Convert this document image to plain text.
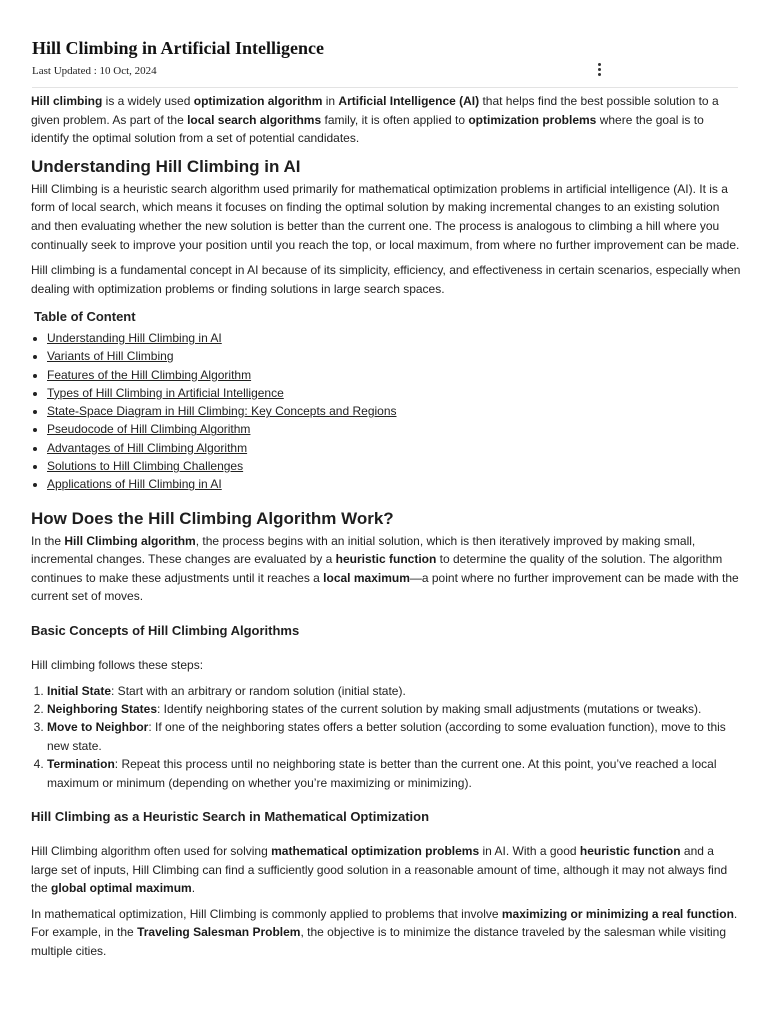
Hill Climbing in Artificial Intelligence
Last Updated : 10 Oct, 2024

Hill climbing is a widely used optimization algorithm in Artificial Intelligence (AI) that helps find the best possible solution to a given problem. As part of the local search algorithms family, it is often applied to optimization problems where the goal is to identify the optimal solution from a set of potential candidates.

Understanding Hill Climbing in AI

Hill Climbing is a heuristic search algorithm used primarily for mathematical optimization problems in artificial intelligence (AI). It is a form of local search, which means it focuses on finding the optimal solution by making incremental changes to an existing solution and then evaluating whether the new solution is better than the current one. The process is analogous to climbing a hill where you continually seek to improve your position until you reach the top, or local maximum, from where no further improvement can be made.

Hill climbing is a fundamental concept in AI because of its simplicity, efficiency, and effectiveness in certain scenarios, especially when dealing with optimization problems or finding solutions in large search spaces.

Table of Content
• Understanding Hill Climbing in AI
• Variants of Hill Climbing
• Features of the Hill Climbing Algorithm
• Types of Hill Climbing in Artificial Intelligence
• State-Space Diagram in Hill Climbing: Key Concepts and Regions
• Pseudocode of Hill Climbing Algorithm
• Advantages of Hill Climbing Algorithm
• Solutions to Hill Climbing Challenges
• Applications of Hill Climbing in AI
How Does the Hill Climbing Algorithm Work?

In the Hill Climbing algorithm, the process begins with an initial solution, which is then iteratively improved by making small, incremental changes. These changes are evaluated by a heuristic function to determine the quality of the solution. The algorithm continues to make these adjustments until it reaches a local maximum—a point where no further improvement can be made with the current set of moves.

Basic Concepts of Hill Climbing Algorithms

Hill climbing follows these steps:

1. Initial State: Start with an arbitrary or random solution (initial state).
2. Neighboring States: Identify neighboring states of the current solution by making small adjustments (mutations or tweaks).
3. Move to Neighbor: If one of the neighboring states offers a better solution (according to some evaluation function), move to this new state.
4. Termination: Repeat this process until no neighboring state is better than the current one. At this point, you’ve reached a local maximum or minimum (depending on whether you’re maximizing or minimizing).
Hill Climbing as a Heuristic Search in Mathematical Optimization

Hill Climbing algorithm often used for solving mathematical optimization problems in AI. With a good heuristic function and a large set of inputs, Hill Climbing can find a sufficiently good solution in a reasonable amount of time, although it may not always find the global optimal maximum.

In mathematical optimization, Hill Climbing is commonly applied to problems that involve maximizing or minimizing a real function. For example, in the Traveling Salesman Problem, the objective is to minimize the distance traveled by the salesman while visiting multiple cities.
